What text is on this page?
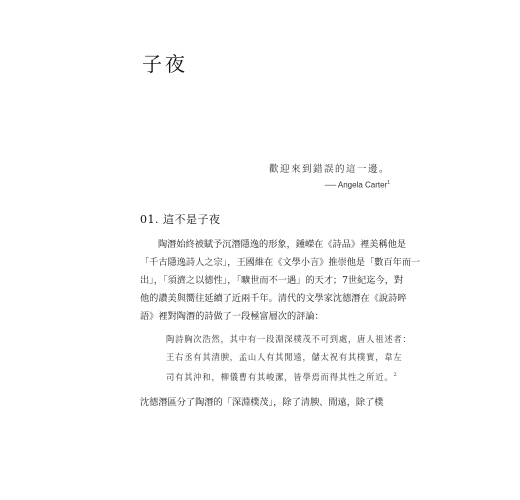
子夜
歡迎來到錯誤的這一邊。
── Angela Carter$^1$
01. 這不是子夜
陶潛始終被賦予沉潛隱逸的形象，鍾嶸在《詩品》裡美稱他是
「千古隱逸詩人之宗」，王國維在《文學小言》推崇他是「數百年而一
出」，「須濟之以德性」，「曠世而不一遇」的天才；7世紀迄今，對
他的讚美與嚮往延續了近兩千年。清代的文學家沈德潛在《說詩晬
語》裡對陶潛的詩做了一段極富層次的評論：
陶詩胸次浩然，其中有一段淵深樸茂不可到處，唐人祖述者：
王右丞有其清腴，孟山人有其閒遠，儲太祝有其樸實，韋左
司有其沖和，柳儀曹有其峻潔，皆學焉而得其性之所近。$^2$
沈德潛區分了陶潛的「深淵樸茂」，除了清腴、閒遠，除了樸
